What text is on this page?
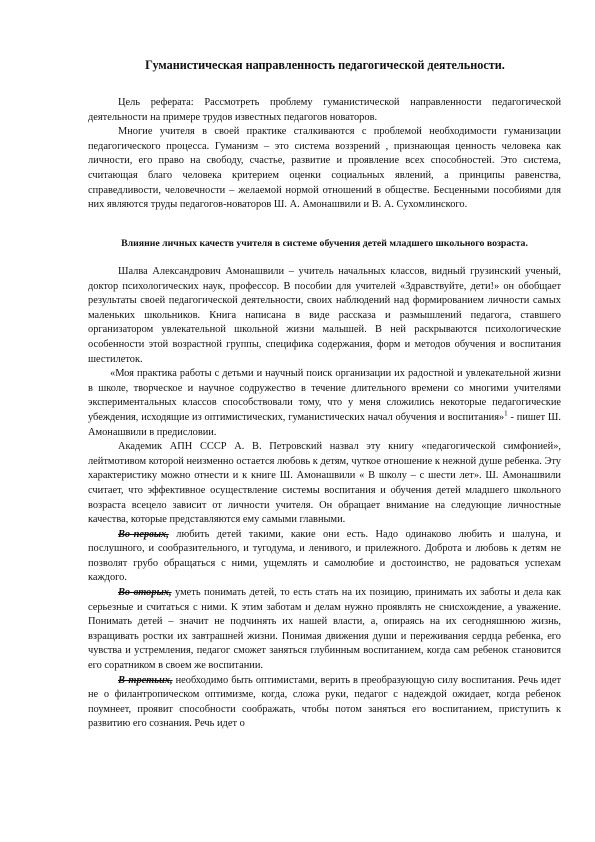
Гуманистическая направленность педагогической деятельности.

Цель реферата: Рассмотреть проблему гуманистической направленности педагогической деятельности на примере трудов известных педагогов новаторов.

Многие учителя в своей практике сталкиваются с проблемой необходимости гуманизации педагогического процесса. Гуманизм – это система воззрений , признающая ценность человека как личности, его право на свободу, счастье, развитие и проявление всех способностей. Это система, считающая благо человека критерием оценки социальных явлений, а принципы равенства, справедливости, человечности – желаемой нормой отношений в обществе. Бесценными пособиями для них являются труды педагогов-новаторов Ш. А. Амонашвили и В. А. Сухомлинского.

Влияние личных качеств учителя в системе обучения детей младшего школьного возраста.

Шалва Александрович Амонашвили – учитель начальных классов, видный грузинский ученый, доктор психологических наук, профессор. В пособии для учителей «Здравствуйте, дети!» он обобщает результаты своей педагогической деятельности, своих наблюдений над формированием личности самых маленьких школьников. Книга написана в виде рассказа и размышлений педагога, ставшего организатором увлекательной школьной жизни малышей. В ней раскрываются психологические особенности этой возрастной группы, специфика содержания, форм и методов обучения и воспитания шестилеток.

«Моя практика работы с детьми и научный поиск организации их радостной и увлекательной жизни в школе, творческое и научное содружество в течение длительного времени со многими учителями экспериментальных классов способствовали тому, что у меня сложились некоторые педагогические убеждения, исходящие из оптимистических, гуманистических начал обучения и воспитания»$^1$ - пишет Ш. Амонашвили в предисловии.

Академик АПН СССР А. В. Петровский назвал эту книгу «педагогической симфонией», лейтмотивом которой неизменно остается любовь к детям, чуткое отношение к нежной душе ребенка. Эту характеристику можно отнести и к книге Ш. Амонашвили « В школу – с шести лет». Ш. Амонашвили считает, что эффективное осуществление системы воспитания и обучения детей младшего школьного возраста всецело зависит от личности учителя. Он обращает внимание на следующие личностные качества, которые представляются ему самыми главными.

Во-первых, любить детей такими, какие они есть. Надо одинаково любить и шалуна, и послушного, и сообразительного, и тугодума, и ленивого, и прилежного. Доброта и любовь к детям не позволят грубо обращаться с ними, ущемлять и самолюбие и достоинство, не радоваться успехам каждого.

Во-вторых, уметь понимать детей, то есть стать на их позицию, принимать их заботы и дела как серьезные и считаться с ними. К этим заботам и делам нужно проявлять не снисхождение, а уважение. Понимать детей – значит не подчинять их нашей власти, а, опираясь на их сегодняшнюю жизнь, взращивать ростки их завтрашней жизни. Понимая движения души и переживания сердца ребенка, его чувства и устремления, педагог сможет заняться глубинным воспитанием, когда сам ребенок становится его соратником в своем же воспитании.

В-третьих, необходимо быть оптимистами, верить в преобразующую силу воспитания. Речь идет не о филантропическом оптимизме, когда, сложа руки, педагог с надеждой ожидает, когда ребенок поумнеет, проявит способности соображать, чтобы потом заняться его воспитанием, приступить к развитию его сознания. Речь идет о
